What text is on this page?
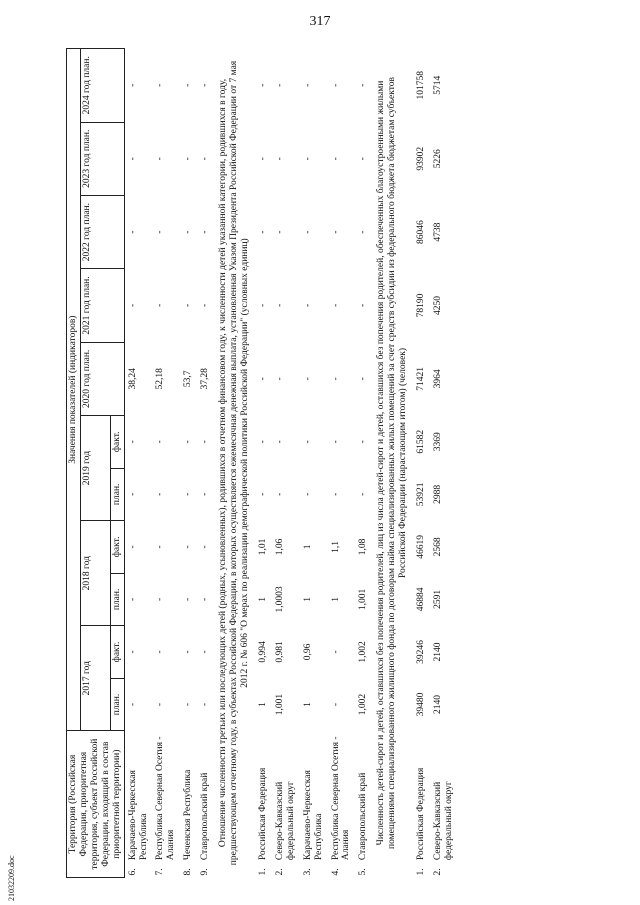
317
Территория (Российская Федерация, приоритетная территория, субъект Российской Федерации, входящий в состав приоритетной территории)		Значения показателей (индикаторов)										
		2017 год		2018 год		2019 год		2020 год план.	2021 год план.	2022 год план.	2023 год план.	2024 год план.
		план.	факт.	план.	факт.	план.	факт.					
6.	Карачаево-Черкесская Республика	-	-	-	-	-	-	38,24	-	-	-	-
7.	Республика Северная Осетия - Алания	-	-	-	-	-	-	52,18	-	-	-	-
8.	Чеченская Республика	-	-	-	-	-	-	53,7	-	-	-	-
9.	Ставропольский край	-	-	-	-	-	-	37,28	-	-	-	-
Отношение численности третьих или последующих детей (родных, усыновленных), родившихся в отчетном финансовом году, к численности детей указанной категории, родившихся в году, предшествующем отчетному году, в субъектах Российской Федерации, в которых осуществляется ежемесячная денежная выплата, установленная Указом Президента Российской Федерации от 7 мая 2012 г. № 606 "О мерах по реализации демографической политики Российской Федерации" (условных единиц)												
1.	Российская Федерация	1	0,994	1	1,01	-	-	-	-	-	-	-
2.	Северо-Кавказский федеральный округ	1,001	0,981	1,0003	1,06	-	-	-	-	-	-	-
3.	Карачаево-Черкесская Республика	1	0,96	1	1	-	-	-	-	-	-	-
4.	Республика Северная Осетия - Алания	-	-	1	1,1	-	-	-	-	-	-	-
5.	Ставропольский край	1,002	1,002	1,001	1,08	-	-	-	-	-	-	-
Численность детей-сирот и детей, оставшихся без попечения родителей, лиц из числа детей-сирот и детей, оставшихся без попечения родителей, обеспеченных благоустроенными жилыми помещениями специализированного жилищного фонда по договорам найма специализированных жилых помещений за счет средств субсидии из федерального бюджета бюджетам субъектов Российской Федерации (нарастающим итогом) (человек)												
1.	Российская Федерация	39480	39246	46884	46619	53921	61582	71421	78190	86046	93902	101758
2.	Северо-Кавказский федеральный округ	2140	2140	2591	2568	2988	3369	3964	4250	4738	5226	5714
21032209.doc
